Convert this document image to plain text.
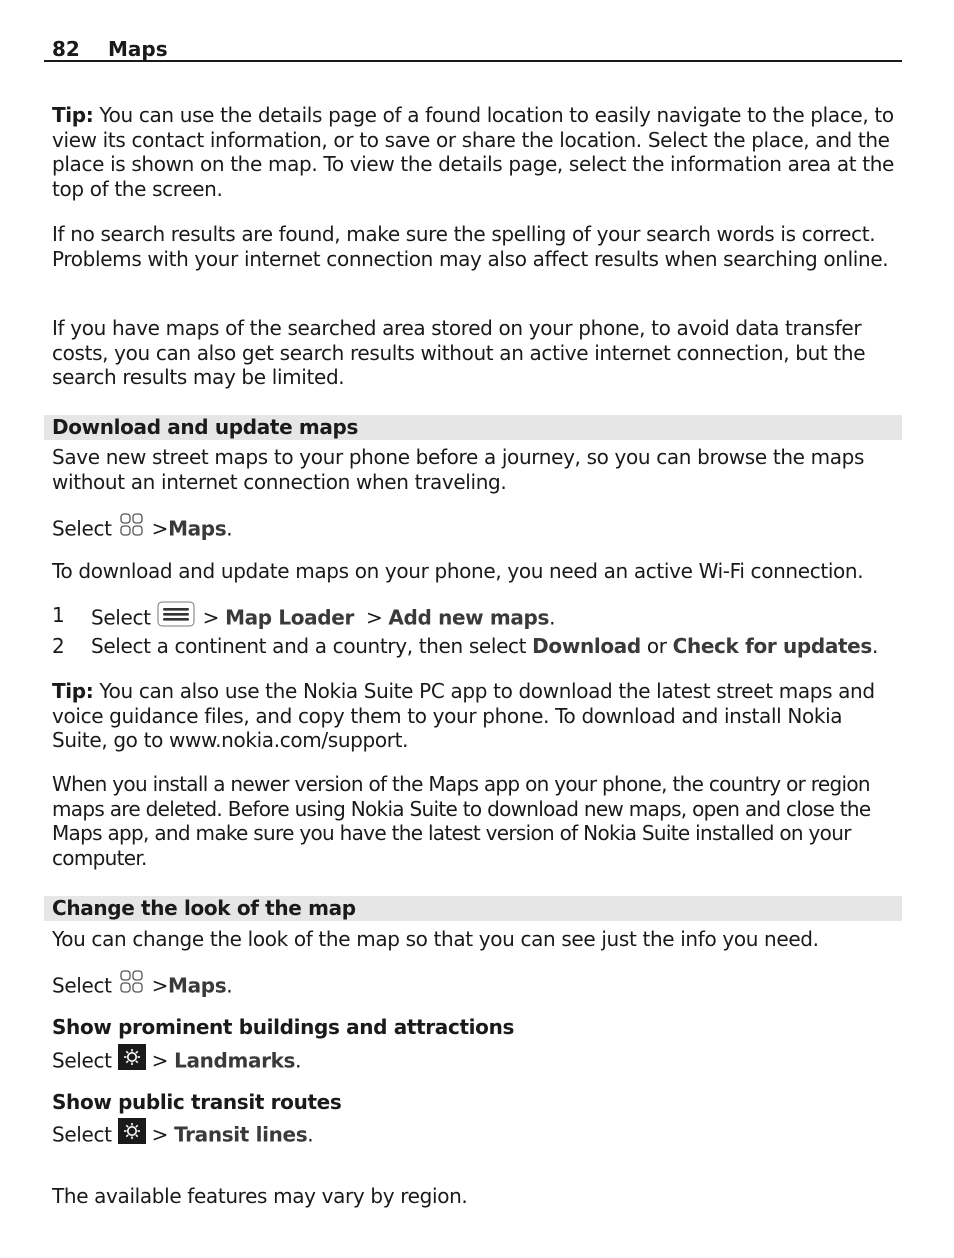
82 Maps

Tip: You can use the details page of a found location to easily navigate to the place, to view its contact information, or to save or share the location. Select the place, and the place is shown on the map. To view the details page, select the information area at the top of the screen.

If no search results are found, make sure the spelling of your search words is correct. Problems with your internet connection may also affect results when searching online.

If you have maps of the searched area stored on your phone, to avoid data transfer costs, you can also get search results without an active internet connection, but the search results may be limited.

Download and update maps

Save new street maps to your phone before a journey, so you can browse the maps without an internet connection when traveling.

Select >Maps.

To download and update maps on your phone, you need an active Wi-Fi connection.

1 Select  > Map Loader  > Add new maps.
2 Select a continent and a country, then select Download or Check for updates.

Tip: You can also use the Nokia Suite PC app to download the latest street maps and voice guidance files, and copy them to your phone. To download and install Nokia Suite, go to www.nokia.com/support.

When you install a newer version of the Maps app on your phone, the country or region maps are deleted. Before using Nokia Suite to download new maps, open and close the Maps app, and make sure you have the latest version of Nokia Suite installed on your computer.

Change the look of the map

You can change the look of the map so that you can see just the info you need.

Select  >Maps.

Show prominent buildings and attractions

Select  > Landmarks.

Show public transit routes

Select  > Transit lines.

The available features may vary by region.
